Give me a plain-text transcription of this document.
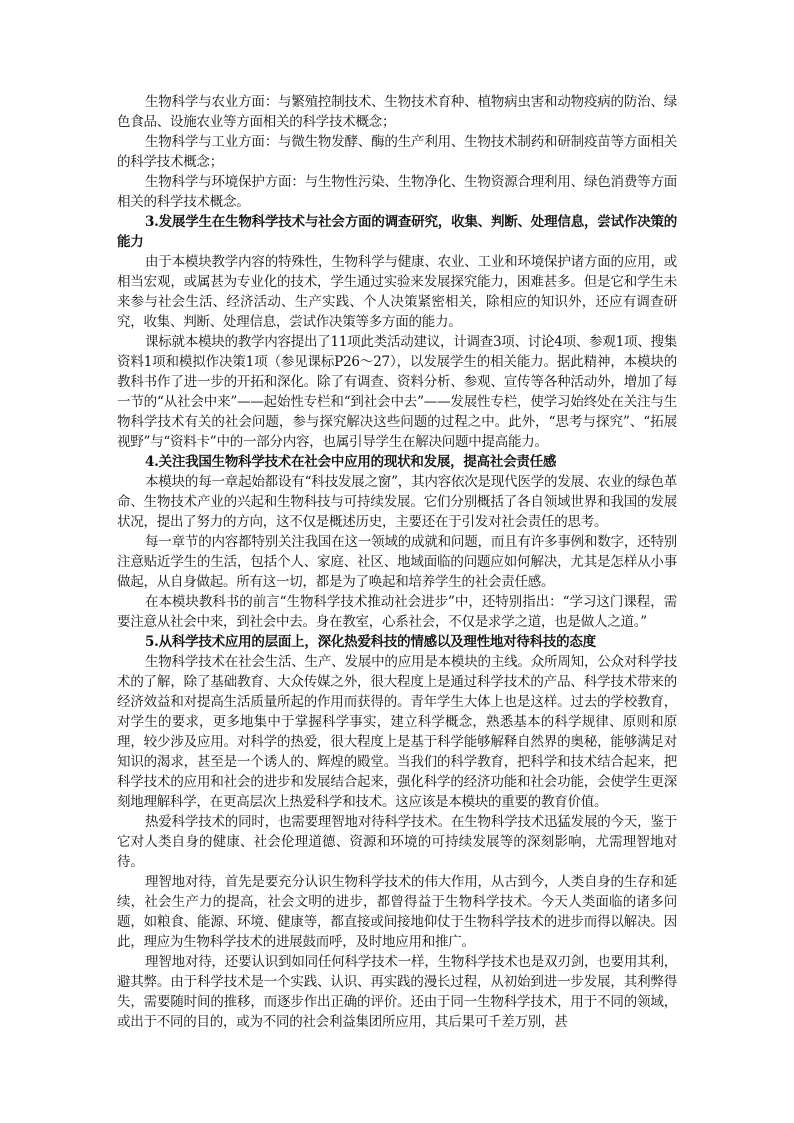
生物科学与农业方面：与繁殖控制技术、生物技术育种、植物病虫害和动物疫病的防治、绿色食品、设施农业等方面相关的科学技术概念；

生物科学与工业方面：与微生物发酵、酶的生产利用、生物技术制药和研制疫苗等方面相关的科学技术概念；

生物科学与环境保护方面：与生物性污染、生物净化、生物资源合理利用、绿色消费等方面相关的科学技术概念。

3.发展学生在生物科学技术与社会方面的调查研究，收集、判断、处理信息，尝试作决策的能力

由于本模块教学内容的特殊性，生物科学与健康、农业、工业和环境保护诸方面的应用，或相当宏观，或属甚为专业化的技术，学生通过实验来发展探究能力，困难甚多。但是它和学生未来参与社会生活、经济活动、生产实践、个人决策紧密相关，除相应的知识外，还应有调查研究，收集、判断、处理信息，尝试作决策等多方面的能力。

课标就本模块的教学内容提出了11项此类活动建议，计调查3项、讨论4项、参观1项、搜集资料1项和模拟作决策1项（参见课标P26～27），以发展学生的相关能力。据此精神，本模块的教科书作了进一步的开拓和深化。除了有调查、资料分析、参观、宣传等各种活动外，增加了每一节的“从社会中来”——起始性专栏和“到社会中去”——发展性专栏，使学习始终处在关注与生物科学技术有关的社会问题，参与探究解决这些问题的过程之中。此外，“思考与探究”、“拓展视野”与“资料卡”中的一部分内容，也属引导学生在解决问题中提高能力。

4.关注我国生物科学技术在社会中应用的现状和发展，提高社会责任感

本模块的每一章起始都设有“科技发展之窗”，其内容依次是现代医学的发展、农业的绿色革命、生物技术产业的兴起和生物科技与可持续发展。它们分别概括了各自领域世界和我国的发展状况，提出了努力的方向，这不仅是概述历史，主要还在于引发对社会责任的思考。

每一章节的内容都特别关注我国在这一领域的成就和问题，而且有许多事例和数字，还特别注意贴近学生的生活，包括个人、家庭、社区、地域面临的问题应如何解决，尤其是怎样从小事做起，从自身做起。所有这一切，都是为了唤起和培养学生的社会责任感。

在本模块教科书的前言“生物科学技术推动社会进步”中，还特别指出：“学习这门课程，需要注意从社会中来，到社会中去。身在教室，心系社会，不仅是求学之道，也是做人之道。”

5.从科学技术应用的层面上，深化热爱科技的情感以及理性地对待科技的态度

生物科学技术在社会生活、生产、发展中的应用是本模块的主线。众所周知，公众对科学技术的了解，除了基础教育、大众传媒之外，很大程度上是通过科学技术的产品、科学技术带来的经济效益和对提高生活质量所起的作用而获得的。青年学生大体上也是这样。过去的学校教育，对学生的要求，更多地集中于掌握科学事实，建立科学概念，熟悉基本的科学规律、原则和原理，较少涉及应用。对科学的热爱，很大程度上是基于科学能够解释自然界的奥秘，能够满足对知识的渴求，甚至是一个诱人的、辉煌的殿堂。当我们的科学教育，把科学和技术结合起来，把科学技术的应用和社会的进步和发展结合起来，强化科学的经济功能和社会功能，会使学生更深刻地理解科学，在更高层次上热爱科学和技术。这应该是本模块的重要的教育价值。

热爱科学技术的同时，也需要理智地对待科学技术。在生物科学技术迅猛发展的今天，鉴于它对人类自身的健康、社会伦理道德、资源和环境的可持续发展等的深刻影响，尤需理智地对待。

理智地对待，首先是要充分认识生物科学技术的伟大作用，从古到今，人类自身的生存和延续，社会生产力的提高，社会文明的进步，都曾得益于生物科学技术。今天人类面临的诸多问题，如粮食、能源、环境、健康等，都直接或间接地仰仗于生物科学技术的进步而得以解决。因此，理应为生物科学技术的进展鼓而呼，及时地应用和推广。

理智地对待，还要认识到如同任何科学技术一样，生物科学技术也是双刃剑，也要用其利，避其弊。由于科学技术是一个实践、认识、再实践的漫长过程，从初始到进一步发展，其利弊得失，需要随时间的推移，而逐步作出正确的评价。还由于同一生物科学技术，用于不同的领域，或出于不同的目的，或为不同的社会利益集团所应用，其后果可千差万别，甚
